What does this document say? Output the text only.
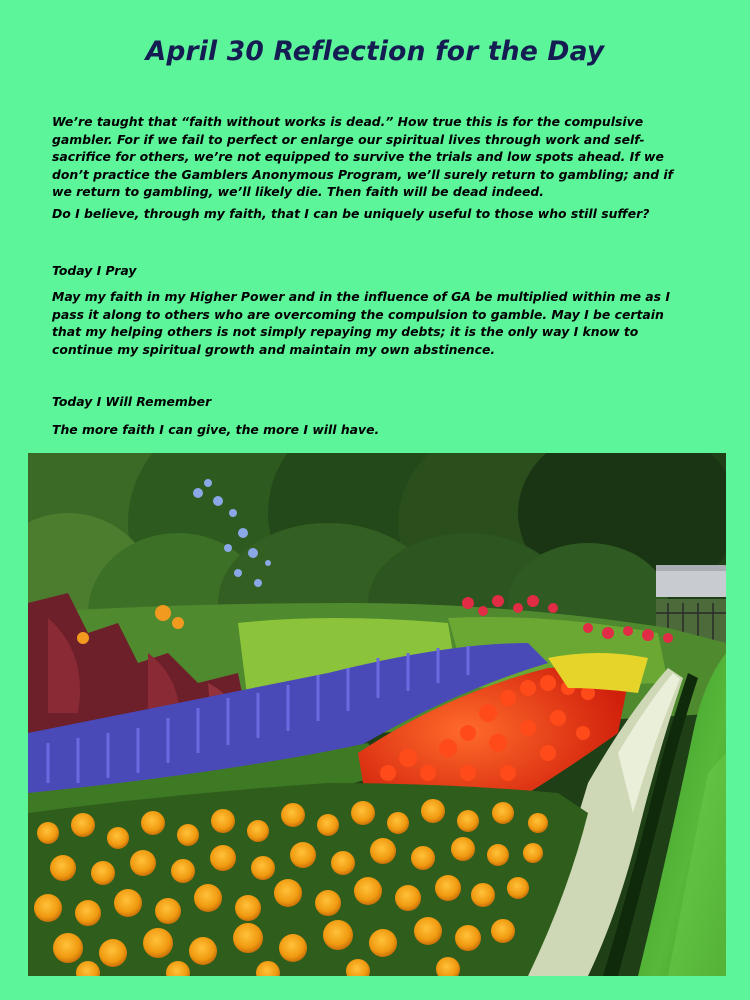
April 30 Reflection for the Day

We’re taught that “faith without works is dead.” How true this is for the compulsive gambler. For if we fail to perfect or enlarge our spiritual lives through work and self-sacrifice for others, we’re not equipped to survive the trials and low spots ahead. If we don’t practice the Gamblers Anonymous Program, we’ll surely return to gambling; and if we return to gambling, we’ll likely die. Then faith will be dead indeed.

Do I believe, through my faith, that I can be uniquely useful to those who still suffer?

Today I Pray

May my faith in my Higher Power and in the influence of GA be multiplied within me as I pass it along to others who are overcoming the compulsion to gamble. May I be certain that my helping others is not simply repaying my debts; it is the only way I know to continue my spiritual growth and maintain my own abstinence.

Today I Will Remember

The more faith I can give, the more I will have.
